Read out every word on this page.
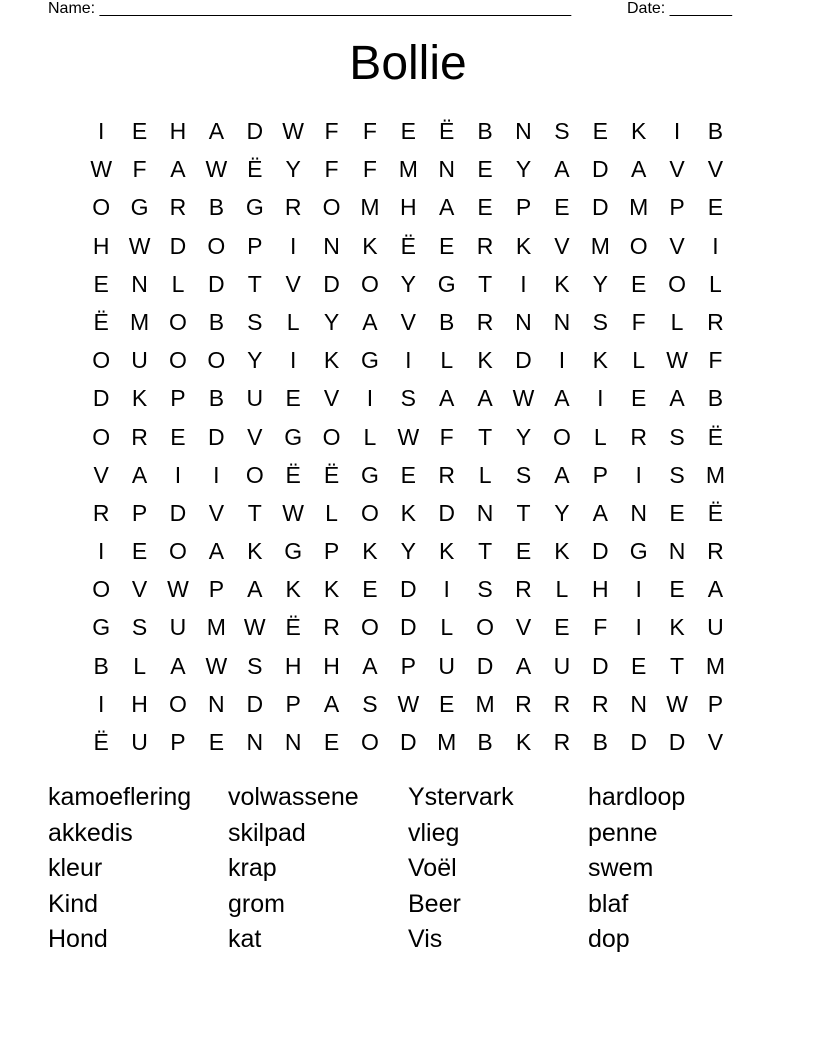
Name: _____________________________________________________	Date: _______
Bollie
I	E H A D W F	F	E	Ë	B N S	E	K	I	B
W F	A W Ë	Y	F	F M N E	Y	A D A	V	V
O G R B G R O M H A	E	P	E D M P	E
H W D O P	I	N K	Ë	E R K	V M O V	I
E N	L	D	T	V D O Y G T	I	K	Y	E O	L
Ë M O B	S	L	Y	A	V	B R N N S	F	L	R
O U O O Y	I	K G	I	L	K D	I	K	L W F
D K	P	B U E	V	I	S	A	A W A	I	E	A	B
O R E D V G O	L W F	T	Y O	L	R S	Ë
V	A	I	I	O Ë	Ë G E R	L	S	A	P	I	S M
R P D V	T W L	O K D N	T	Y	A N E	Ë
I	E O A	K G P	K	Y	K	T	E	K D G N R
O V W P	A	K	K	E D	I	S R	L	H	I	E	A
G S U M W Ë R O D	L	O V	E	F	I	K U
B	L	A W S H H A	P U D A U D E	T M
I	H O N D P	A	S W E M R R R N W P
Ë U P	E N N E O D M B	K R B D D V
kamoeflering	volwassene	Ystervark	hardloop
akkedis	skilpad	vlieg	penne
kleur	krap	Voël	swem
Kind	grom	Beer	blaf
Hond	kat	Vis	dop
